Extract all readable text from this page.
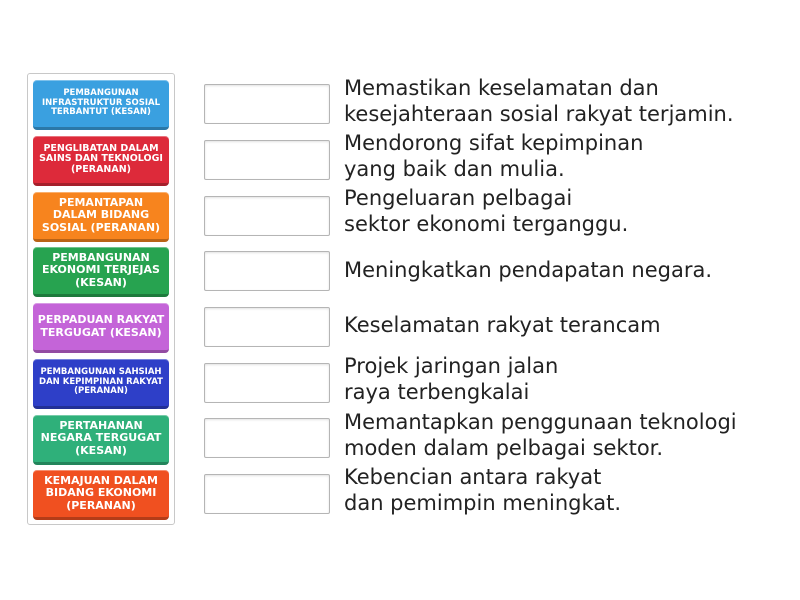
PEMBANGUNAN INFRASTRUKTUR SOSIAL TERBANTUT (KESAN)
PENGLIBATAN DALAM SAINS DAN TEKNOLOGI (PERANAN)
PEMANTAPAN DALAM BIDANG SOSIAL (PERANAN)
PEMBANGUNAN EKONOMI TERJEJAS (KESAN)
PERPADUAN RAKYAT TERGUGAT (KESAN)
PEMBANGUNAN SAHSIAH DAN KEPIMPINAN RAKYAT (PERANAN)
PERTAHANAN NEGARA TERGUGAT (KESAN)
KEMAJUAN DALAM BIDANG EKONOMI (PERANAN)
Memastikan keselamatan dan
kesejahteraan sosial rakyat terjamin.
Mendorong sifat kepimpinan
yang baik dan mulia.
Pengeluaran pelbagai
sektor ekonomi terganggu.
Meningkatkan pendapatan negara.
Keselamatan rakyat terancam
Projek jaringan jalan
raya terbengkalai
Memantapkan penggunaan teknologi
moden dalam pelbagai sektor.
Kebencian antara rakyat
dan pemimpin meningkat.
